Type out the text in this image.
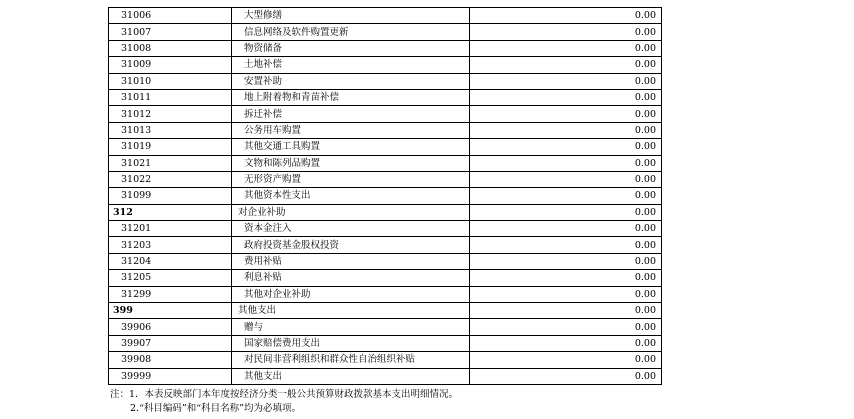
31006	大型修缮	0.00
31007	信息网络及软件购置更新	0.00
31008	物资储备	0.00
31009	土地补偿	0.00
31010	安置补助	0.00
31011	地上附着物和青苗补偿	0.00
31012	拆迁补偿	0.00
31013	公务用车购置	0.00
31019	其他交通工具购置	0.00
31021	文物和陈列品购置	0.00
31022	无形资产购置	0.00
31099	其他资本性支出	0.00
312	对企业补助	0.00
31201	资本金注入	0.00
31203	政府投资基金股权投资	0.00
31204	费用补贴	0.00
31205	利息补贴	0.00
31299	其他对企业补助	0.00
399	其他支出	0.00
39906	赠与	0.00
39907	国家赔偿费用支出	0.00
39908	对民间非营利组织和群众性自治组织补贴	0.00
39999	其他支出	0.00
注：1．本表反映部门本年度按经济分类一般公共预算财政拨款基本支出明细情况。
2.“科目编码”和“科目名称”均为必填项。
